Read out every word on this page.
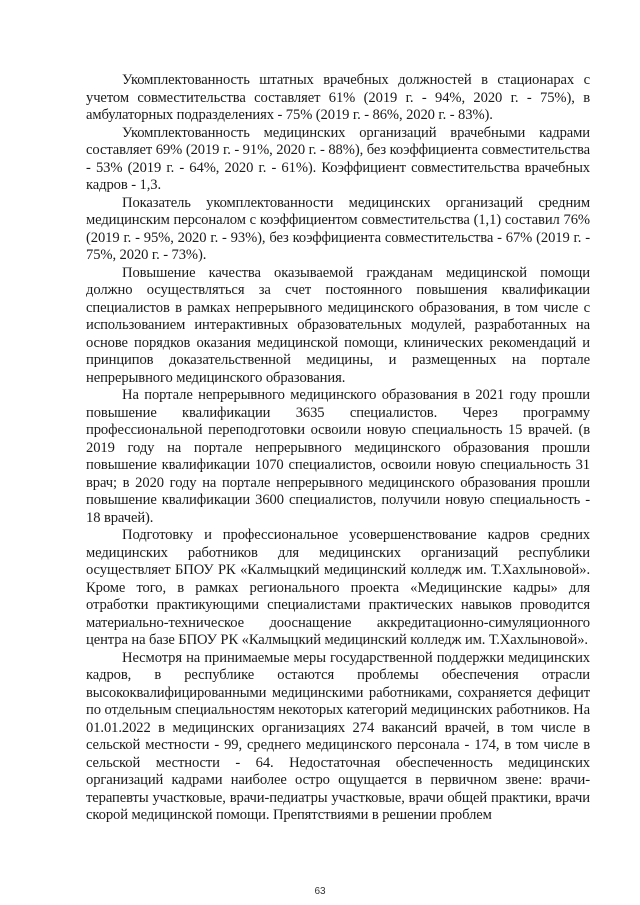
Укомплектованность штатных врачебных должностей в стационарах с учетом совместительства составляет 61% (2019 г. - 94%, 2020 г. - 75%), в амбулаторных подразделениях - 75% (2019 г. - 86%, 2020 г. - 83%).

Укомплектованность медицинских организаций врачебными кадрами составляет 69% (2019 г. - 91%, 2020 г. - 88%), без коэффициента совместительства - 53% (2019 г. - 64%, 2020 г. - 61%). Коэффициент совместительства врачебных кадров - 1,3.

Показатель укомплектованности медицинских организаций средним медицинским персоналом с коэффициентом совместительства (1,1) составил 76% (2019 г. - 95%, 2020 г. - 93%), без коэффициента совместительства - 67% (2019 г. - 75%, 2020 г. - 73%).

Повышение качества оказываемой гражданам медицинской помощи должно осуществляться за счет постоянного повышения квалификации специалистов в рамках непрерывного медицинского образования, в том числе с использованием интерактивных образовательных модулей, разработанных на основе порядков оказания медицинской помощи, клинических рекомендаций и принципов доказательственной медицины, и размещенных на портале непрерывного медицинского образования.

На портале непрерывного медицинского образования в 2021 году прошли повышение квалификации 3635 специалистов. Через программу профессиональной переподготовки освоили новую специальность 15 врачей. (в 2019 году на портале непрерывного медицинского образования прошли повышение квалификации 1070 специалистов, освоили новую специальность 31 врач; в 2020 году на портале непрерывного медицинского образования прошли повышение квалификации 3600 специалистов, получили новую специальность - 18 врачей).

Подготовку и профессиональное усовершенствование кадров средних медицинских работников для медицинских организаций республики осуществляет БПОУ РК «Калмыцкий медицинский колледж им. Т.Хахлыновой». Кроме того, в рамках регионального проекта «Медицинские кадры» для отработки практикующими специалистами практических навыков проводится материально-техническое дооснащение аккредитационно-симуляционного центра на базе БПОУ РК «Калмыцкий медицинский колледж им. Т.Хахлыновой».

Несмотря на принимаемые меры государственной поддержки медицинских кадров, в республике остаются проблемы обеспечения отрасли высококвалифицированными медицинскими работниками, сохраняется дефицит по отдельным специальностям некоторых категорий медицинских работников. На 01.01.2022 в медицинских организациях 274 вакансий врачей, в том числе в сельской местности - 99, среднего медицинского персонала - 174, в том числе в сельской местности - 64. Недостаточная обеспеченность медицинских организаций кадрами наиболее остро ощущается в первичном звене: врачи-терапевты участковые, врачи-педиатры участковые, врачи общей практики, врачи скорой медицинской помощи. Препятствиями в решении проблем

63
